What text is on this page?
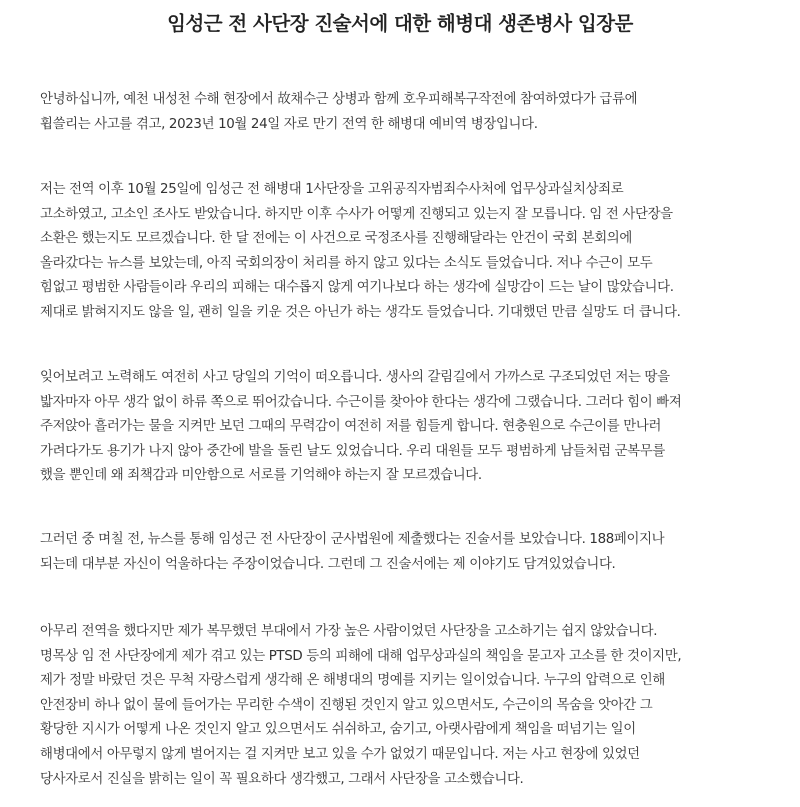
임성근 전 사단장 진술서에 대한 해병대 생존병사 입장문
안녕하십니까, 예천 내성천 수해 현장에서 故채수근 상병과 함께 호우피해복구작전에 참여하였다가 급류에
휩쓸리는 사고를 겪고, 2023년 10월 24일 자로 만기 전역 한 해병대 예비역 병장입니다.
저는 전역 이후 10월 25일에 임성근 전 해병대 1사단장을 고위공직자범죄수사처에 업무상과실치상죄로
고소하였고, 고소인 조사도 받았습니다. 하지만 이후 수사가 어떻게 진행되고 있는지 잘 모릅니다. 임 전 사단장을
소환은 했는지도 모르겠습니다. 한 달 전에는 이 사건으로 국정조사를 진행해달라는 안건이 국회 본회의에
올라갔다는 뉴스를 보았는데, 아직 국회의장이 처리를 하지 않고 있다는 소식도 들었습니다. 저나 수근이 모두
힘없고 평범한 사람들이라 우리의 피해는 대수롭지 않게 여기나보다 하는 생각에 실망감이 드는 날이 많았습니다.
제대로 밝혀지지도 않을 일, 괜히 일을 키운 것은 아닌가 하는 생각도 들었습니다. 기대했던 만큼 실망도 더 큽니다.
잊어보려고 노력해도 여전히 사고 당일의 기억이 떠오릅니다. 생사의 갈림길에서 가까스로 구조되었던 저는 땅을
밟자마자 아무 생각 없이 하류 쪽으로 뛰어갔습니다. 수근이를 찾아야 한다는 생각에 그랬습니다. 그러다 힘이 빠져
주저앉아 흘러가는 물을 지켜만 보던 그때의 무력감이 여전히 저를 힘들게 합니다. 현충원으로 수근이를 만나러
가려다가도 용기가 나지 않아 중간에 발을 돌린 날도 있었습니다. 우리 대원들 모두 평범하게 남들처럼 군복무를
했을 뿐인데 왜 죄책감과 미안함으로 서로를 기억해야 하는지 잘 모르겠습니다.
그러던 중 며칠 전, 뉴스를 통해 임성근 전 사단장이 군사법원에 제출했다는 진술서를 보았습니다. 188페이지나
되는데 대부분 자신이 억울하다는 주장이었습니다. 그런데 그 진술서에는 제 이야기도 담겨있었습니다.
아무리 전역을 했다지만 제가 복무했던 부대에서 가장 높은 사람이었던 사단장을 고소하기는 쉽지 않았습니다.
명목상 임 전 사단장에게 제가 겪고 있는 PTSD 등의 피해에 대해 업무상과실의 책임을 묻고자 고소를 한 것이지만,
제가 정말 바랐던 것은 무척 자랑스럽게 생각해 온 해병대의 명예를 지키는 일이었습니다. 누구의 압력으로 인해
안전장비 하나 없이 물에 들어가는 무리한 수색이 진행된 것인지 알고 있으면서도, 수근이의 목숨을 앗아간 그
황당한 지시가 어떻게 나온 것인지 알고 있으면서도 쉬쉬하고, 숨기고, 아랫사람에게 책임을 떠넘기는 일이
해병대에서 아무렇지 않게 벌어지는 걸 지켜만 보고 있을 수가 없었기 때문입니다. 저는 사고 현장에 있었던
당사자로서 진실을 밝히는 일이 꼭 필요하다 생각했고, 그래서 사단장을 고소했습니다.
